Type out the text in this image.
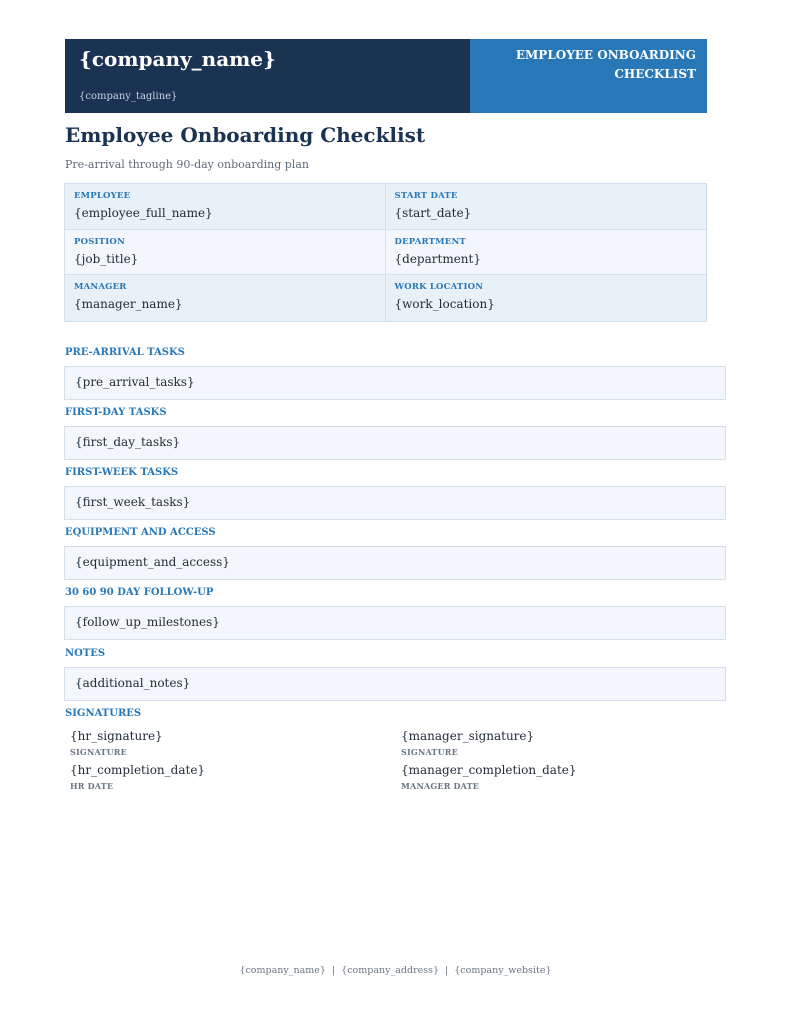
{company_name}
{company_tagline}
EMPLOYEE ONBOARDING CHECKLIST
Employee Onboarding Checklist
Pre-arrival through 90-day onboarding plan
EMPLOYEE
{employee_full_name}
START DATE
{start_date}
POSITION
{job_title}
DEPARTMENT
{department}
MANAGER
{manager_name}
WORK LOCATION
{work_location}
PRE-ARRIVAL TASKS
{pre_arrival_tasks}
FIRST-DAY TASKS
{first_day_tasks}
FIRST-WEEK TASKS
{first_week_tasks}
EQUIPMENT AND ACCESS
{equipment_and_access}
30 60 90 DAY FOLLOW-UP
{follow_up_milestones}
NOTES
{additional_notes}
SIGNATURES
{hr_signature}
SIGNATURE
{hr_completion_date}
HR DATE
{manager_signature}
SIGNATURE
{manager_completion_date}
MANAGER DATE
{company_name} | {company_address} | {company_website}
